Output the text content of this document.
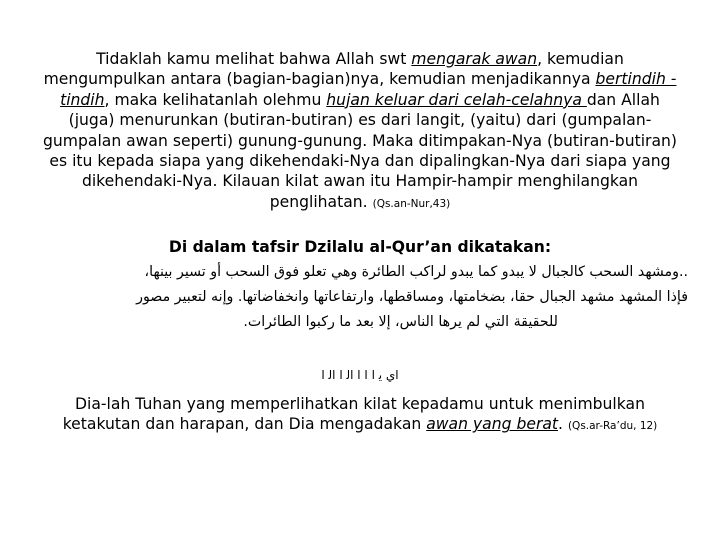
Tidaklah kamu melihat bahwa Allah swt mengarak awan, kemudian mengumpulkan antara (bagian-bagian)nya, kemudian menjadikannya bertindih -tindih, maka kelihatanlah olehmu hujan keluar dari celah-celahnya dan Allah (juga) menurunkan (butiran-butiran) es dari langit, (yaitu) dari (gumpalan-gumpalan awan seperti) gunung-gunung. Maka ditimpakan-Nya (butiran-butiran) es itu kepada siapa yang dikehendaki-Nya dan dipalingkan-Nya dari siapa yang dikehendaki-Nya. Kilauan kilat awan itu Hampir-hampir menghilangkan penglihatan. (Qs.an-Nur,43)

Di dalam tafsir Dzilalu al-Qur’an dikatakan:
..ومشهد السحب كالجبال لا يبدو كما يبدو لراكب الطائرة وهي تعلو فوق السحب أو تسير بينها،
فإذا المشهد مشهد الجبال حقا، بضخامتها، ومساقطها، وارتفاعاتها وانخفاضاتها. وإنه لتعبير مصور
للحقيقة التي لم يرها الناس، إلا بعد ما ركبوا الطائرات.
اي ﻳ ﺍ ﺍ ﺍ ﺍﻟ ﺍ ﺍﻟ ﺍ

Dia-lah Tuhan yang memperlihatkan kilat kepadamu untuk menimbulkan ketakutan dan harapan, dan Dia mengadakan awan yang berat. (Qs.ar-Ra’du, 12)
